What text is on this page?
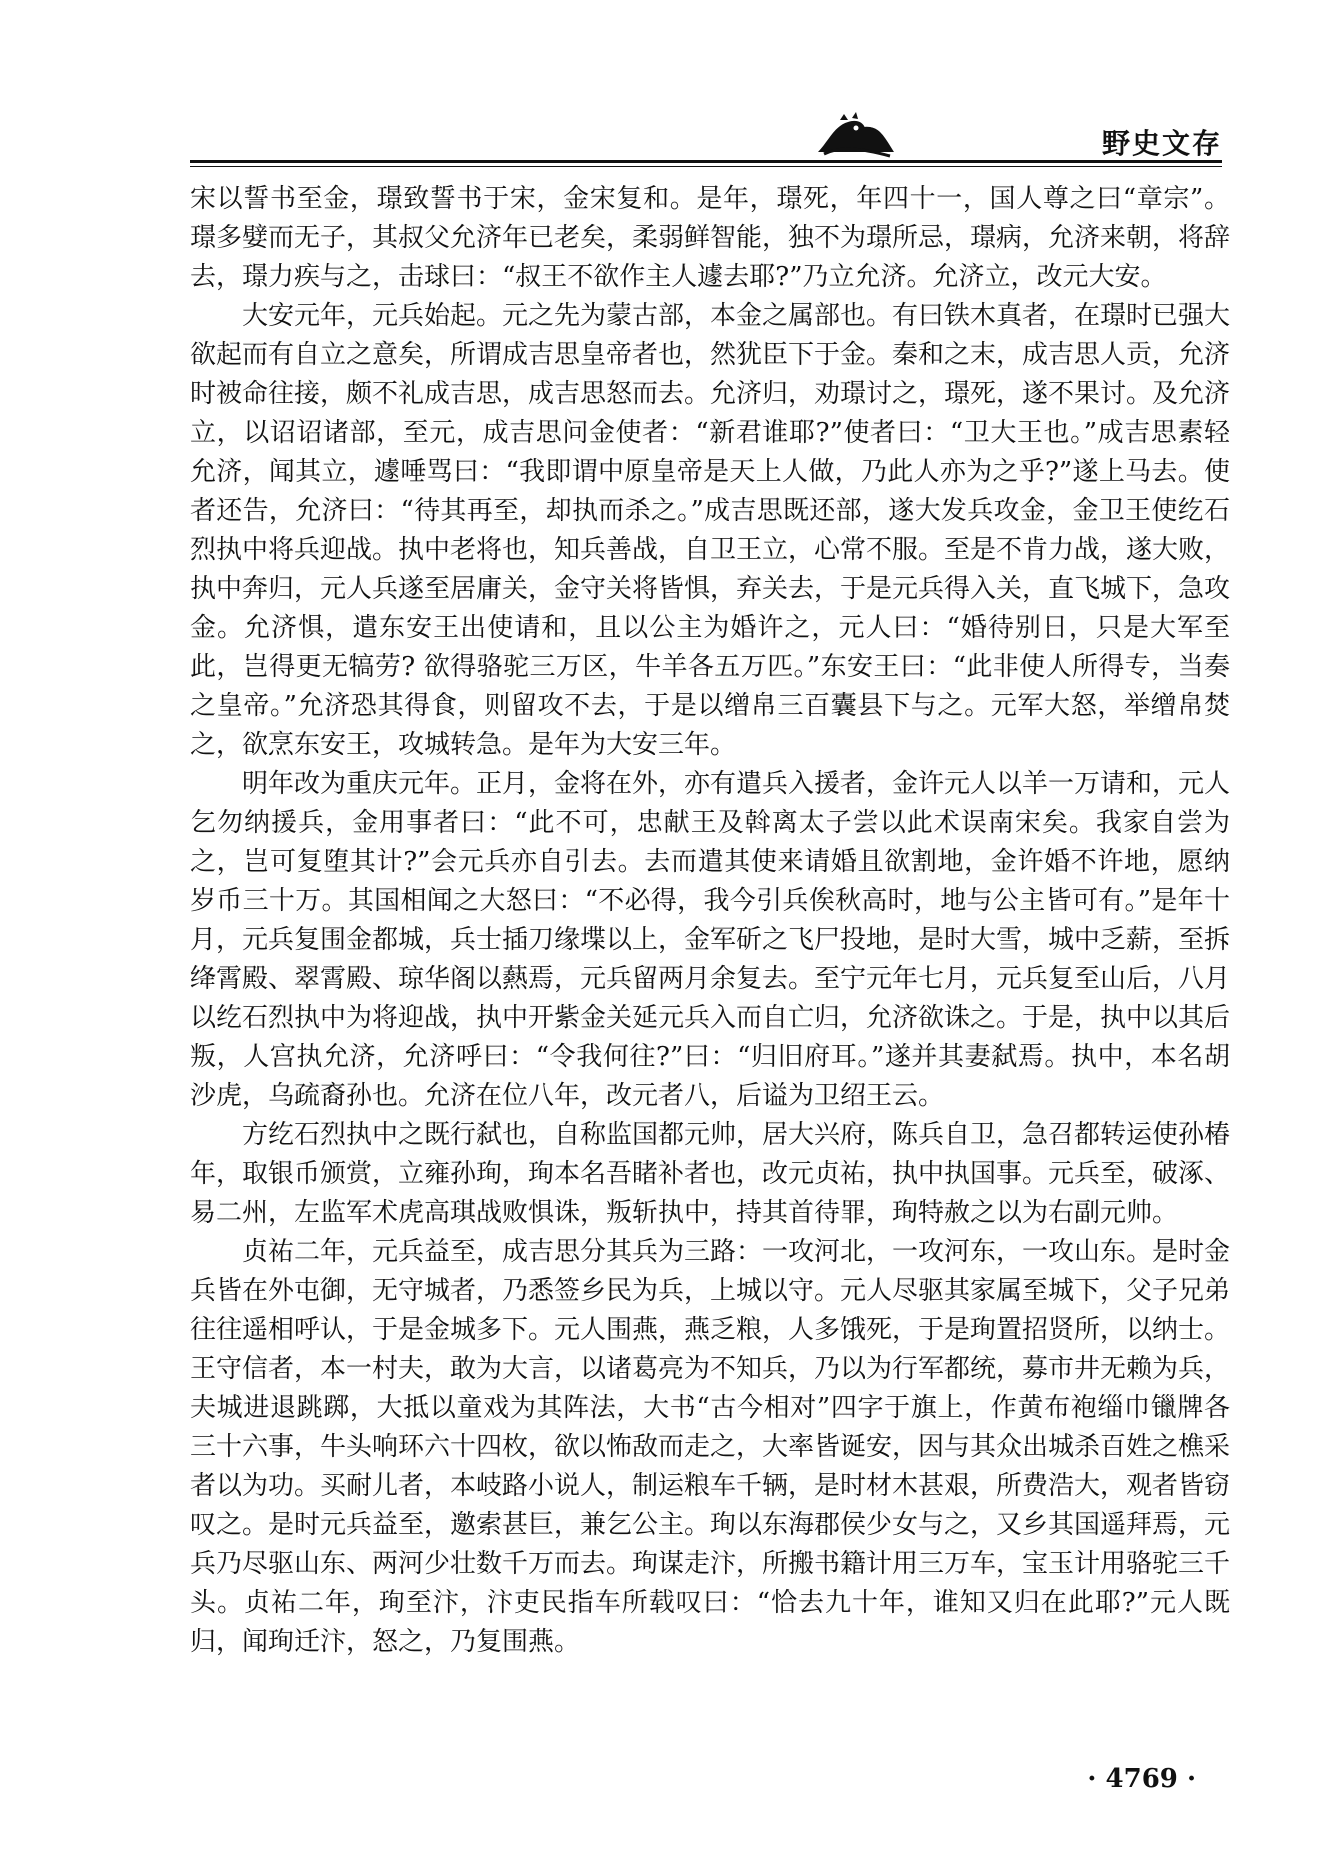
野史文存

宋以誓书至金，璟致誓书于宋，金宋复和。是年，璟死，年四十一，国人尊之曰“章宗”。璟多嬖而无子，其叔父允济年已老矣，柔弱鲜智能，独不为璟所忌，璟病，允济来朝，将辞去，璟力疾与之，击球曰：“叔王不欲作主人遽去耶?”乃立允济。允济立，改元大安。

大安元年，元兵始起。元之先为蒙古部，本金之属部也。有曰铁木真者，在璟时已强大欲起而有自立之意矣，所谓成吉思皇帝者也，然犹臣下于金。秦和之末，成吉思人贡，允济时被命往接，颇不礼成吉思，成吉思怒而去。允济归，劝璟讨之，璟死，遂不果讨。及允济立，以诏诏诸部，至元，成吉思问金使者：“新君谁耶?”使者曰：“卫大王也。”成吉思素轻允济，闻其立，遽唾骂曰：“我即谓中原皇帝是天上人做，乃此人亦为之乎?”遂上马去。使者还告，允济曰：“待其再至，却执而杀之。”成吉思既还部，遂大发兵攻金，金卫王使纥石烈执中将兵迎战。执中老将也，知兵善战，自卫王立，心常不服。至是不肯力战，遂大败，执中奔归，元人兵遂至居庸关，金守关将皆惧，弃关去，于是元兵得入关，直飞城下，急攻金。允济惧，遣东安王出使请和，且以公主为婚许之，元人曰：“婚待别日，只是大军至此，岂得更无犒劳? 欲得骆驼三万区，牛羊各五万匹。”东安王曰：“此非使人所得专，当奏之皇帝。”允济恐其得食，则留攻不去，于是以缯帛三百囊县下与之。元军大怒，举缯帛焚之，欲烹东安王，攻城转急。是年为大安三年。

明年改为重庆元年。正月，金将在外，亦有遣兵入援者，金许元人以羊一万请和，元人乞勿纳援兵，金用事者曰：“此不可，忠献王及斡离太子尝以此术误南宋矣。我家自尝为之，岂可复堕其计?”会元兵亦自引去。去而遣其使来请婚且欲割地，金许婚不许地，愿纳岁币三十万。其国相闻之大怒曰：“不必得，我今引兵俟秋高时，地与公主皆可有。”是年十月，元兵复围金都城，兵士插刀缘堞以上，金军斫之飞尸投地，是时大雪，城中乏薪，至拆绛霄殿、翠霄殿、琼华阁以爇焉，元兵留两月余复去。至宁元年七月，元兵复至山后，八月以纥石烈执中为将迎战，执中开紫金关延元兵入而自亡归，允济欲诛之。于是，执中以其后叛，人宫执允济，允济呼曰：“令我何往?”曰：“归旧府耳。”遂并其妻弑焉。执中，本名胡沙虎，乌疏裔孙也。允济在位八年，改元者八，后谥为卫绍王云。

方纥石烈执中之既行弑也，自称监国都元帅，居大兴府，陈兵自卫，急召都转运使孙椿年，取银币颁赏，立雍孙珣，珣本名吾睹补者也，改元贞祐，执中执国事。元兵至，破涿、易二州，左监军术虎高琪战败惧诛，叛斩执中，持其首待罪，珣特赦之以为右副元帅。

贞祐二年，元兵益至，成吉思分其兵为三路：一攻河北，一攻河东，一攻山东。是时金兵皆在外屯御，无守城者，乃悉签乡民为兵，上城以守。元人尽驱其家属至城下，父子兄弟往往遥相呼认，于是金城多下。元人围燕，燕乏粮，人多饿死，于是珣置招贤所，以纳士。王守信者，本一村夫，敢为大言，以诸葛亮为不知兵，乃以为行军都统，募市井无赖为兵，夫城进退跳踯，大抵以童戏为其阵法，大书“古今相对”四字于旗上，作黄布袍缁巾镴牌各三十六事，牛头响环六十四枚，欲以怖敌而走之，大率皆诞安，因与其众出城杀百姓之樵采者以为功。买耐儿者，本岐路小说人，制运粮车千辆，是时材木甚艰，所费浩大，观者皆窃叹之。是时元兵益至，邀索甚巨，兼乞公主。珣以东海郡侯少女与之，又乡其国遥拜焉，元兵乃尽驱山东、两河少壮数千万而去。珣谋走汴，所搬书籍计用三万车，宝玉计用骆驼三千头。贞祐二年，珣至汴，汴吏民指车所载叹曰：“恰去九十年，谁知又归在此耶?”元人既归，闻珣迁汴，怒之，乃复围燕。

· 4769 ·
